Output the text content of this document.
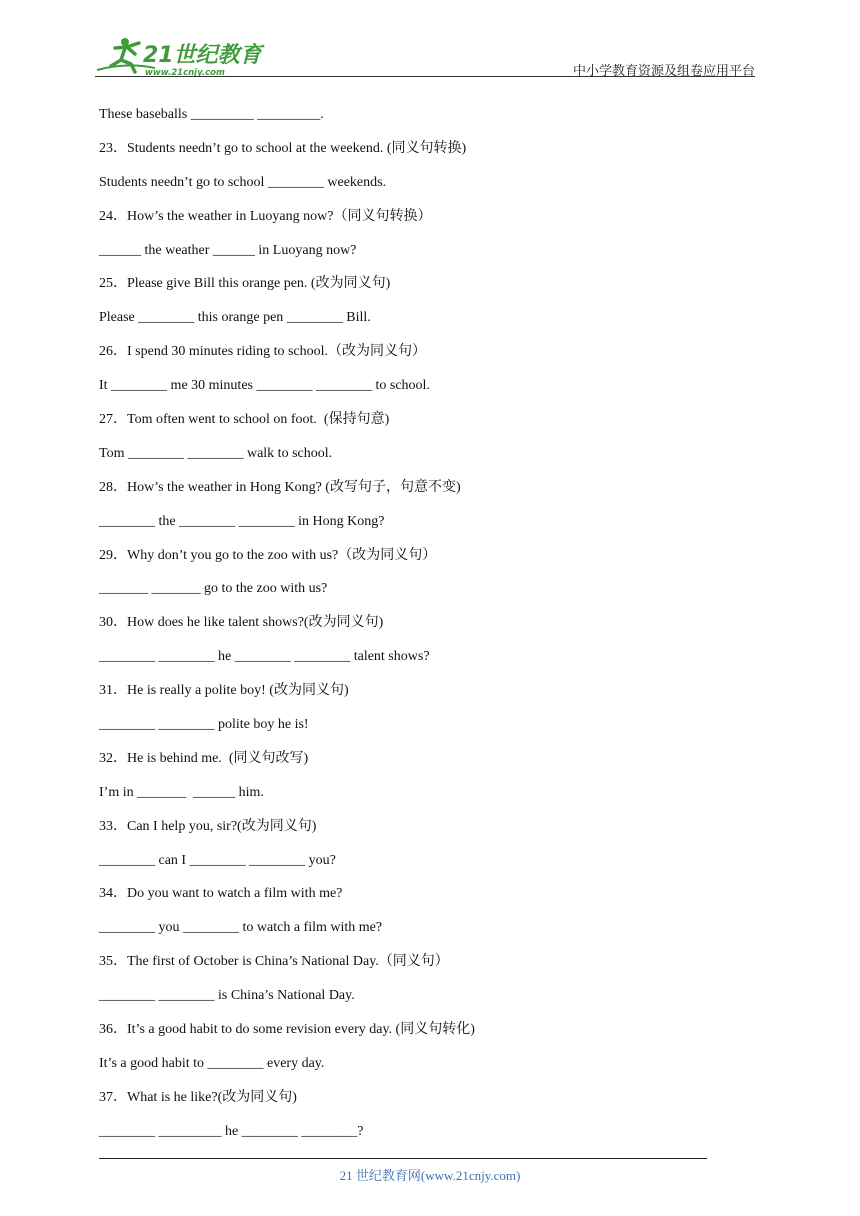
21世纪教育
www.21cnjy.com	中小学教育资源及组卷应用平台
These baseballs _________ _________.
23．Students needn’t go to school at the weekend. (同义句转换)
Students needn’t go to school ________ weekends.
24．How’s the weather in Luoyang now?（同义句转换）
______ the weather ______ in Luoyang now?
25．Please give Bill this orange pen. (改为同义句)
Please ________ this orange pen ________ Bill.
26．I spend 30 minutes riding to school.（改为同义句）
It ________ me 30 minutes ________ ________ to school.
27．Tom often went to school on foot.  (保持句意)
Tom ________ ________ walk to school.
28．How’s the weather in Hong Kong? (改写句子，句意不变)
________ the ________ ________ in Hong Kong?
29．Why don’t you go to the zoo with us?（改为同义句）
_______ _______ go to the zoo with us?
30．How does he like talent shows?(改为同义句)
________ ________ he ________ ________ talent shows?
31．He is really a polite boy! (改为同义句)
________ ________ polite boy he is!
32．He is behind me.  (同义句改写)
I’m in _______  ______ him.
33．Can I help you, sir?(改为同义句)
________ can I ________ ________ you?
34．Do you want to watch a film with me?
________ you ________ to watch a film with me?
35．The first of October is China’s National Day.（同义句）
________ ________ is China’s National Day.
36．It’s a good habit to do some revision every day. (同义句转化)
It’s a good habit to ________ every day.
37．What is he like?(改为同义句)
________ _________ he ________ ________?
21 世纪教育网(www.21cnjy.com)
